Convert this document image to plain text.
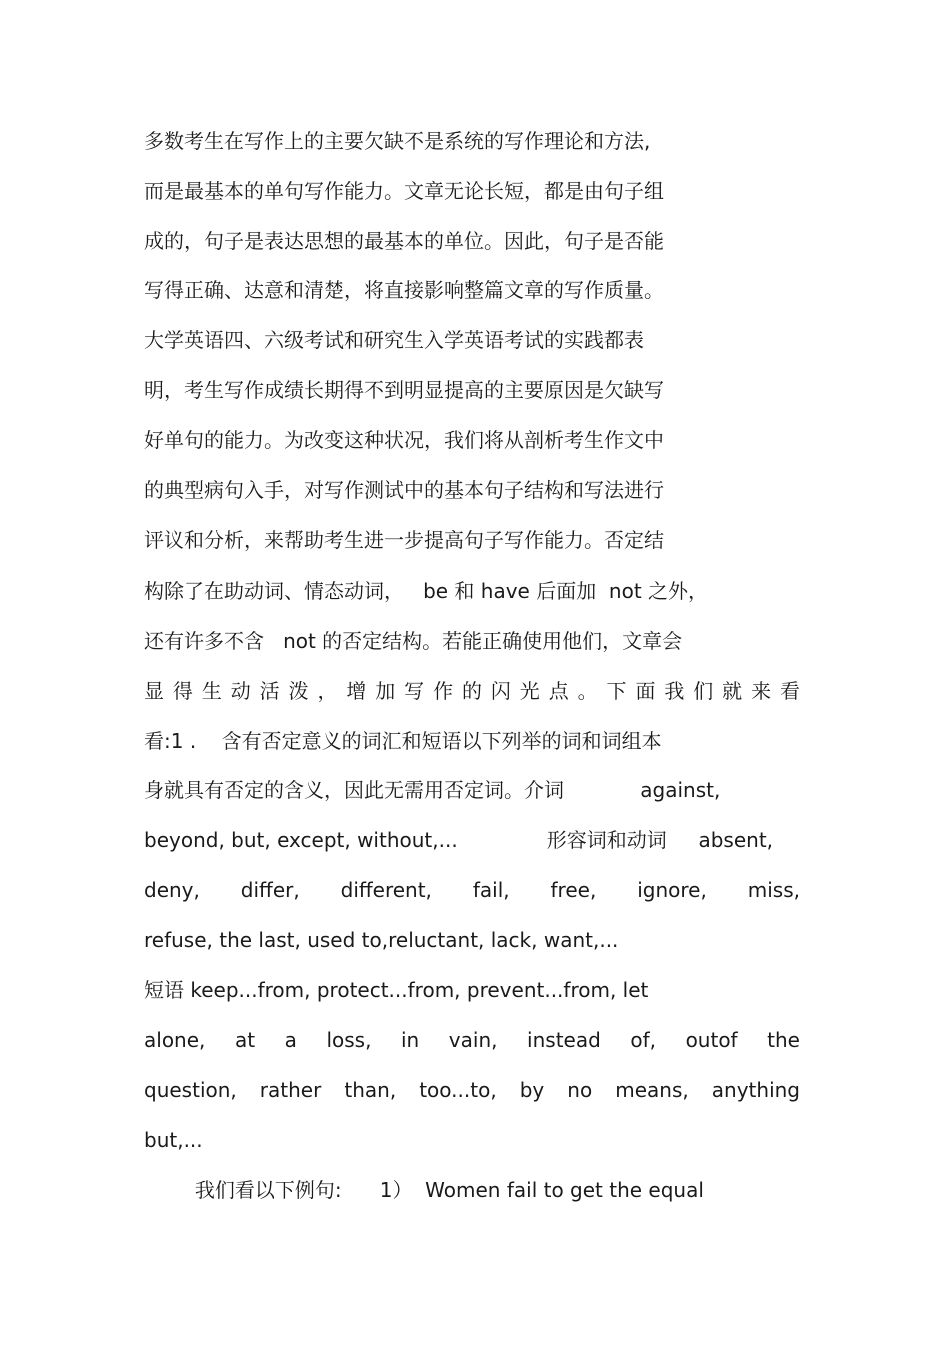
多数考生在写作上的主要欠缺不是系统的写作理论和方法,
而是最基本的单句写作能力。文章无论长短，都是由句子组
成的，句子是表达思想的最基本的单位。因此，句子是否能
写得正确、达意和清楚，将直接影响整篇文章的写作质量。
大学英语四、六级考试和研究生入学英语考试的实践都表
明，考生写作成绩长期得不到明显提高的主要原因是欠缺写
好单句的能力。为改变这种状况，我们将从剖析考生作文中
的典型病句入手，对写作测试中的基本句子结构和写法进行
评议和分析，来帮助考生进一步提高句子写作能力。否定结
构除了在助动词、情态动词，   be 和 have 后面加  not 之外，
还有许多不含   not 的否定结构。若能正确使用他们，文章会
显 得 生 动 活 泼 ， 增 加 写 作 的 闪 光 点 。 下 面 我 们 就 来 看
看:1 .    含有否定意义的词汇和短语以下列举的词和词组本
身就具有否定的含义，因此无需用否定词。介词            against,
beyond, but, except, without,...              形容词和动词     absent,
deny, differ, different, fail, free, ignore, miss,
refuse, the last, used to,reluctant, lack, want,...
短语 keep...from, protect...from, prevent...from, let
alone, at a loss, in vain, instead of, outof the
question, rather than, too...to, by no means, anything
but,...
我们看以下例句:      1）  Women fail to get the equal
